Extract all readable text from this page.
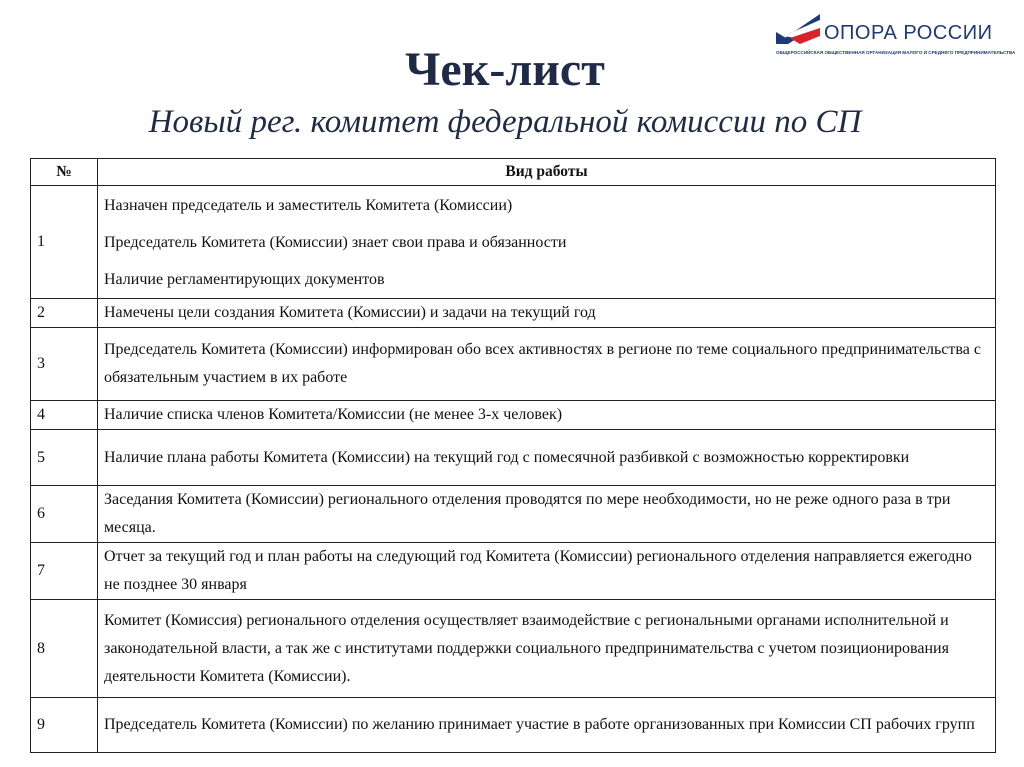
ОПОРА РОССИИ
ОБЩЕРОССИЙСКАЯ ОБЩЕСТВЕННАЯ ОРГАНИЗАЦИЯ МАЛОГО И СРЕДНЕГО ПРЕДПРИНИМАТЕЛЬСТВА
Чек-лист
Новый рег. комитет федеральной комиссии по СП
№	Вид работы
1	Назначен председатель и заместитель Комитета (Комиссии)

Председатель Комитета (Комиссии) знает свои права и обязанности

Наличие регламентирующих документов

2	Намечены цели создания Комитета (Комиссии) и задачи на текущий год

3	Председатель Комитета (Комиссии) информирован обо всех активностях в регионе по теме социального предпринимательства с обязательным участием в их работе

4	Наличие списка членов Комитета/Комиссии (не менее 3-х человек)

5	Наличие плана работы Комитета (Комиссии) на текущий год с помесячной разбивкой с возможностью корректировки

6	Заседания Комитета (Комиссии) регионального отделения проводятся по мере необходимости, но не реже одного раза в три месяца.

7	Отчет за текущий год и план работы на следующий год Комитета (Комиссии) регионального отделения направляется ежегодно не позднее 30 января

8	Комитет (Комиссия) регионального отделения осуществляет взаимодействие с региональными органами исполнительной и законодательной власти, а так же с институтами поддержки социального предпринимательства с учетом позиционирования деятельности Комитета (Комиссии).

9	Председатель Комитета (Комиссии) по желанию принимает участие в работе организованных при Комиссии СП рабочих групп
